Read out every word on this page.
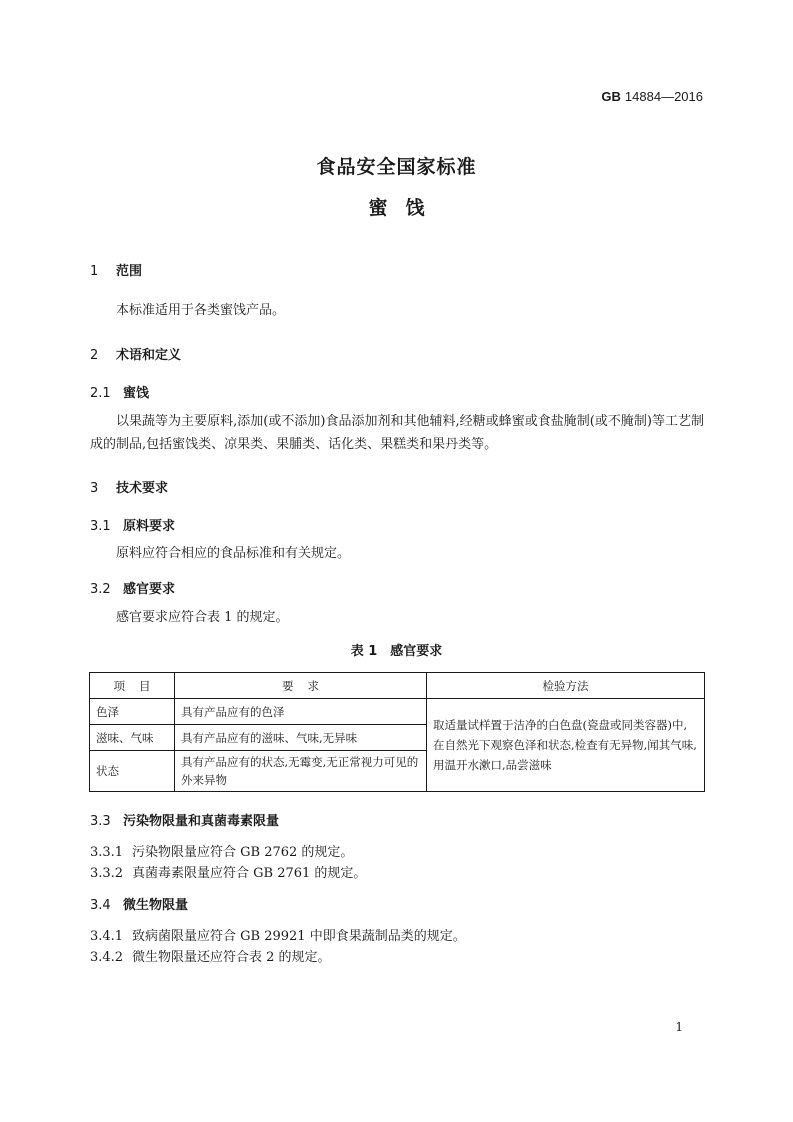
GB 14884—2016
食品安全国家标准
蜜饯
1 范围
本标准适用于各类蜜饯产品。
2 术语和定义
2.1 蜜饯
以果蔬等为主要原料,添加(或不添加)食品添加剂和其他辅料,经糖或蜂蜜或食盐腌制(或不腌制)等工艺制成的制品,包括蜜饯类、凉果类、果脯类、话化类、果糕类和果丹类等。
3 技术要求
3.1 原料要求
原料应符合相应的食品标准和有关规定。
3.2 感官要求
感官要求应符合表 1 的规定。
表 1　感官要求
项目	要求	检验方法
色泽	具有产品应有的色泽	取适量试样置于洁净的白色盘(瓷盘或同类容器)中,在自然光下观察色泽和状态,检查有无异物,闻其气味,用温开水漱口,品尝滋味
滋味、气味	具有产品应有的滋味、气味,无异味	
状态	具有产品应有的状态,无霉变,无正常视力可见的外来异物	
3.3 污染物限量和真菌毒素限量
3.3.1 污染物限量应符合 GB 2762 的规定。
3.3.2 真菌毒素限量应符合 GB 2761 的规定。
3.4 微生物限量
3.4.1 致病菌限量应符合 GB 29921 中即食果蔬制品类的规定。
3.4.2 微生物限量还应符合表 2 的规定。
1
